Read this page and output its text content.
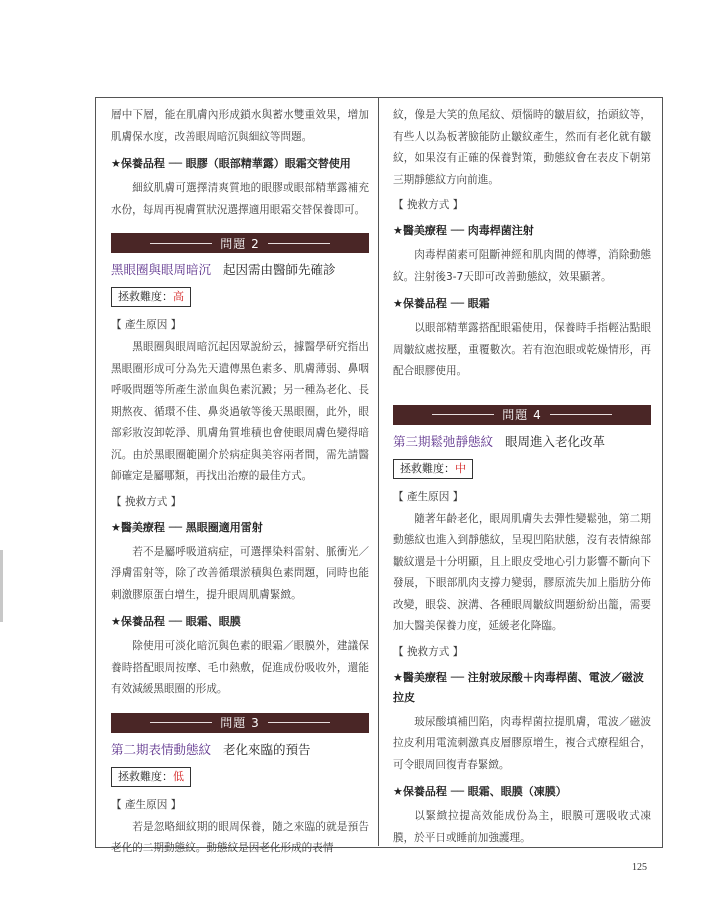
層中下層，能在肌膚內形成鎖水與蓄水雙重效果，增加肌膚保水度，改善眼周暗沉與細紋等問題。

★保養品程 ── 眼膠（眼部精華露）眼霜交替使用

細紋肌膚可選擇清爽質地的眼膠或眼部精華露補充水份，每周再視膚質狀況選擇適用眼霜交替保養即可。

問題 2
黑眼圈與眼周暗沉 起因需由醫師先確診
拯救難度：高
【 產生原因 】

黑眼圈與眼周暗沉起因眾說紛云，據醫學研究指出黑眼圈形成可分為先天遺傳黑色素多、肌膚薄弱、鼻咽呼吸問題等所產生淤血與色素沉澱；另一種為老化、長期熬夜、循環不佳、鼻炎過敏等後天黑眼圈，此外，眼部彩妝沒卸乾淨、肌膚角質堆積也會使眼周膚色變得暗沉。由於黑眼圈範圍介於病症與美容兩者間，需先請醫師確定是屬哪類，再找出治療的最佳方式。

【 挽救方式 】
★醫美療程 ── 黑眼圈適用雷射

若不是屬呼吸道病症，可選擇染料雷射、脈衝光／淨膚雷射等，除了改善循環淤積與色素問題，同時也能刺激膠原蛋白增生，提升眼周肌膚緊緻。

★保養品程 ── 眼霜、眼膜

除使用可淡化暗沉與色素的眼霜／眼膜外，建議保養時搭配眼周按摩、毛巾熱敷，促進成份吸收外，還能有效減緩黑眼圈的形成。

問題 3
第二期表情動態紋 老化來臨的預告
拯救難度：低
【 產生原因 】

若是忽略細紋期的眼周保養，隨之來臨的就是預告老化的二期動態紋。動態紋是因老化形成的表情

紋，像是大笑的魚尾紋、煩惱時的皺眉紋，抬頭紋等，有些人以為板著臉能防止皺紋產生，然而有老化就有皺紋，如果沒有正確的保養對策，動態紋會在表皮下朝第三期靜態紋方向前進。

【 挽救方式 】
★醫美療程 ── 肉毒桿菌注射

肉毒桿菌素可阻斷神經和肌肉間的傳導，消除動態紋。注射後3-7天即可改善動態紋，效果顯著。

★保養品程 ── 眼霜

以眼部精華露搭配眼霜使用，保養時手指輕沾點眼周皺紋處按壓，重覆數次。若有泡泡眼或乾燥情形，再配合眼膠使用。

問題 4
第三期鬆弛靜態紋 眼周進入老化改革
拯救難度：中
【 產生原因 】

隨著年齡老化，眼周肌膚失去彈性變鬆弛，第二期動態紋也進入到靜態紋，呈現凹陷狀態，沒有表情線部皺紋還是十分明顯，且上眼皮受地心引力影響不斷向下發展，下眼部肌肉支撐力變弱，膠原流失加上脂肪分佈改變，眼袋、淚溝、各種眼周皺紋問題紛紛出籠，需要加大醫美保養力度，延緩老化降臨。

【 挽救方式 】
★醫美療程 ── 注射玻尿酸＋肉毒桿菌、電波／磁波拉皮

玻尿酸填補凹陷，肉毒桿菌拉提肌膚，電波／磁波拉皮利用電流刺激真皮層膠原增生，複合式療程組合，可令眼周回復青春緊緻。

★保養品程 ── 眼霜、眼膜（凍膜）

以緊緻拉提高效能成份為主，眼膜可選吸收式凍膜，於平日或睡前加強護理。

125
